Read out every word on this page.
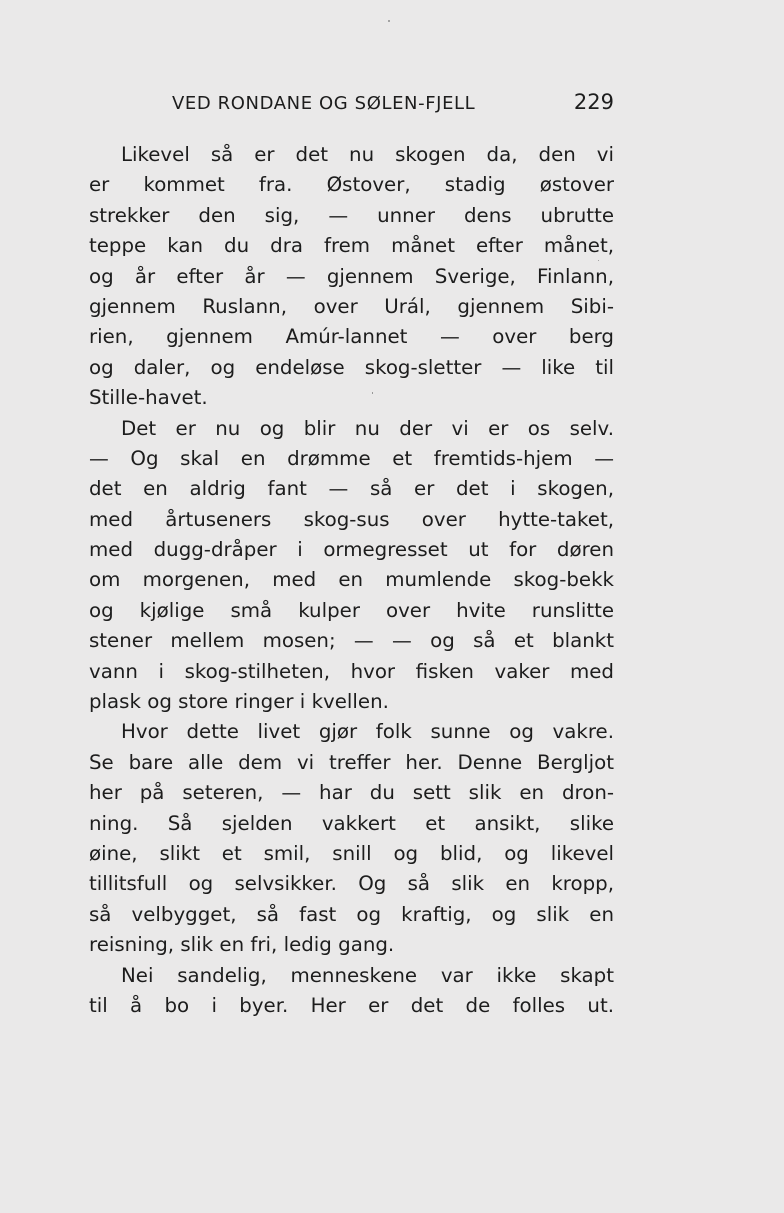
VED RONDANE OG SØLEN-FJELL	229
Likevel så er det nu skogen da, den vi
er kommet fra. Østover, stadig østover
strekker den sig, — unner dens ubrutte
teppe kan du dra frem månet efter månet,
og år efter år — gjennem Sverige, Finlann,
gjennem Ruslann, over Urál, gjennem Sibi-
rien, gjennem Amúr-lannet — over berg
og daler, og endeløse skog-sletter — like til
Stille-havet.
Det er nu og blir nu der vi er os selv.
— Og skal en drømme et fremtids-hjem —
det en aldrig fant — så er det i skogen,
med årtuseners skog-sus over hytte-taket,
med dugg-dråper i ormegresset ut for døren
om morgenen, med en mumlende skog-bekk
og kjølige små kulper over hvite runslitte
stener mellem mosen; — — og så et blankt
vann i skog-stilheten, hvor fisken vaker med
plask og store ringer i kvellen.
Hvor dette livet gjør folk sunne og vakre.
Se bare alle dem vi treffer her. Denne Bergljot
her på seteren, — har du sett slik en dron-
ning. Så sjelden vakkert et ansikt, slike
øine, slikt et smil, snill og blid, og likevel
tillitsfull og selvsikker. Og så slik en kropp,
så velbygget, så fast og kraftig, og slik en
reisning, slik en fri, ledig gang.
Nei sandelig, menneskene var ikke skapt
til å bo i byer. Her er det de folles ut.
